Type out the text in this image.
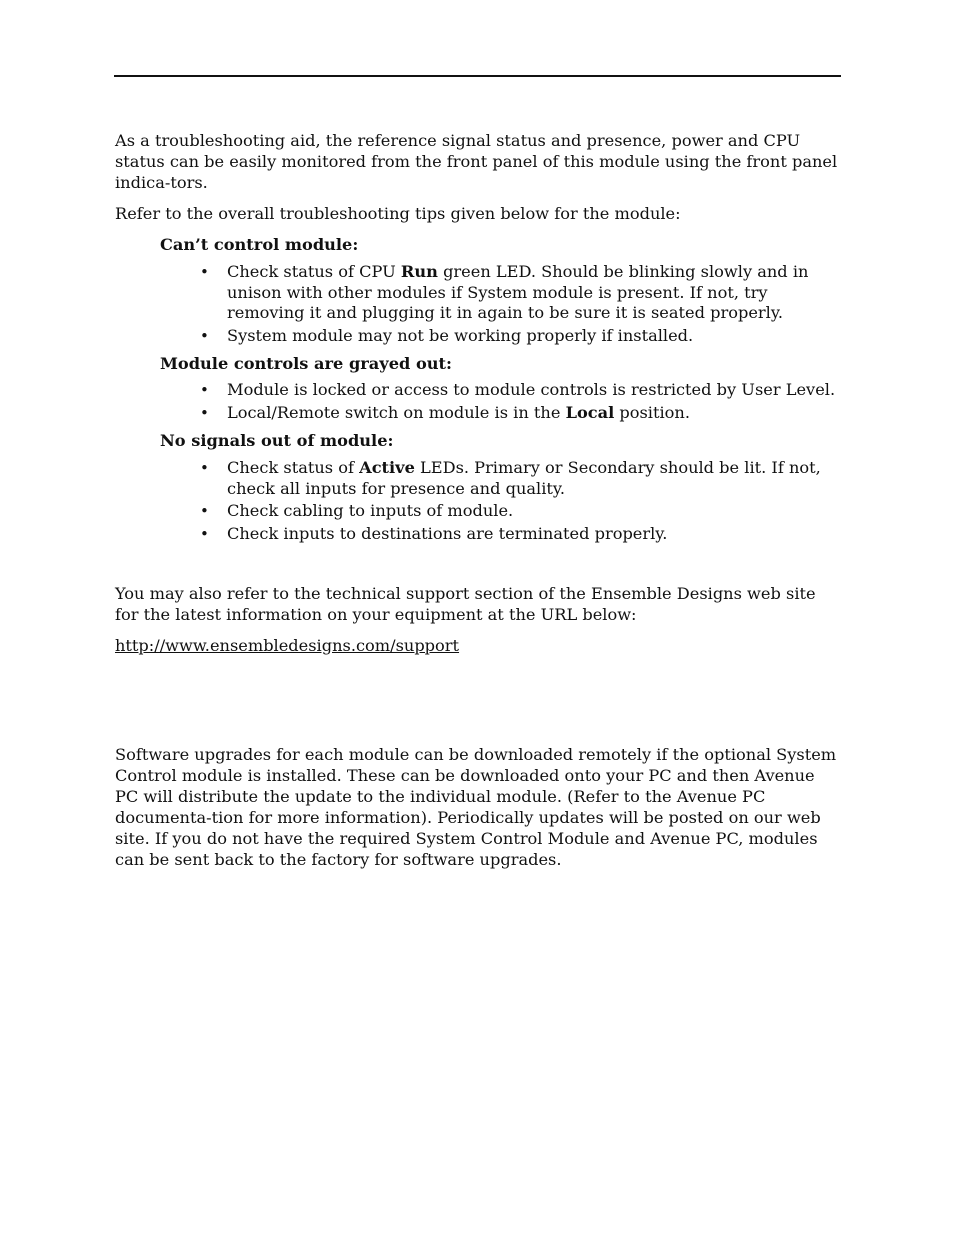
As a troubleshooting aid, the reference signal status and presence, power and CPU status can be easily monitored from the front panel of this module using the front panel indica-tors.

Refer to the overall troubleshooting tips given below for the module:

Can’t control module:

• Check status of CPU Run green LED. Should be blinking slowly and in unison with other modules if System module is present. If not, try removing it and plugging it in again to be sure it is seated properly.

• System module may not be working properly if installed.

Module controls are grayed out:

• Module is locked or access to module controls is restricted by User Level.

• Local/Remote switch on module is in the Local position.

No signals out of module:

• Check status of Active LEDs. Primary or Secondary should be lit. If not, check all inputs for presence and quality.

• Check cabling to inputs of module.

• Check inputs to destinations are terminated properly.

You may also refer to the technical support section of the Ensemble Designs web site for the latest information on your equipment at the URL below:

http://www.ensembledesigns.com/support

Software upgrades for each module can be downloaded remotely if the optional System Control module is installed. These can be downloaded onto your PC and then Avenue PC will distribute the update to the individual module. (Refer to the Avenue PC documenta-tion for more information). Periodically updates will be posted on our web site. If you do not have the required System Control Module and Avenue PC, modules can be sent back to the factory for software upgrades.
